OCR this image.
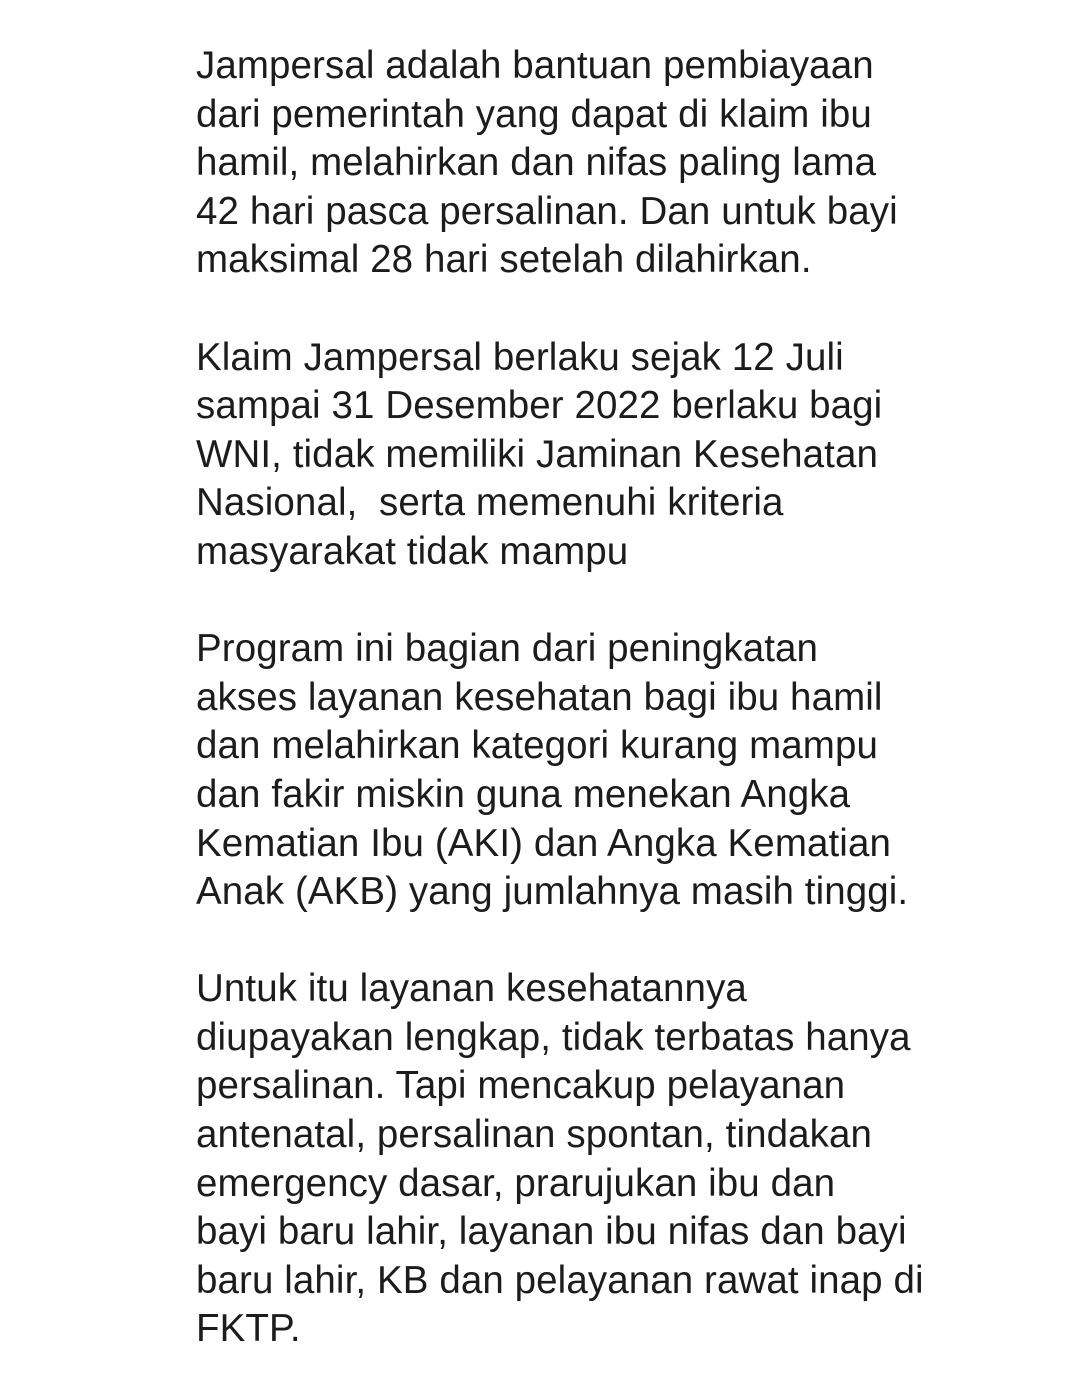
Jampersal adalah bantuan pembiayaan
dari pemerintah yang dapat di klaim ibu
hamil, melahirkan dan nifas paling lama
42 hari pasca persalinan. Dan untuk bayi
maksimal 28 hari setelah dilahirkan.

Klaim Jampersal berlaku sejak 12 Juli
sampai 31 Desember 2022 berlaku bagi
WNI, tidak memiliki Jaminan Kesehatan
Nasional,  serta memenuhi kriteria
masyarakat tidak mampu

Program ini bagian dari peningkatan
akses layanan kesehatan bagi ibu hamil
dan melahirkan kategori kurang mampu
dan fakir miskin guna menekan Angka
Kematian Ibu (AKI) dan Angka Kematian
Anak (AKB) yang jumlahnya masih tinggi.

Untuk itu layanan kesehatannya
diupayakan lengkap, tidak terbatas hanya
persalinan. Tapi mencakup pelayanan
antenatal, persalinan spontan, tindakan
emergency dasar, prarujukan ibu dan
bayi baru lahir, layanan ibu nifas dan bayi
baru lahir, KB dan pelayanan rawat inap di
FKTP.
